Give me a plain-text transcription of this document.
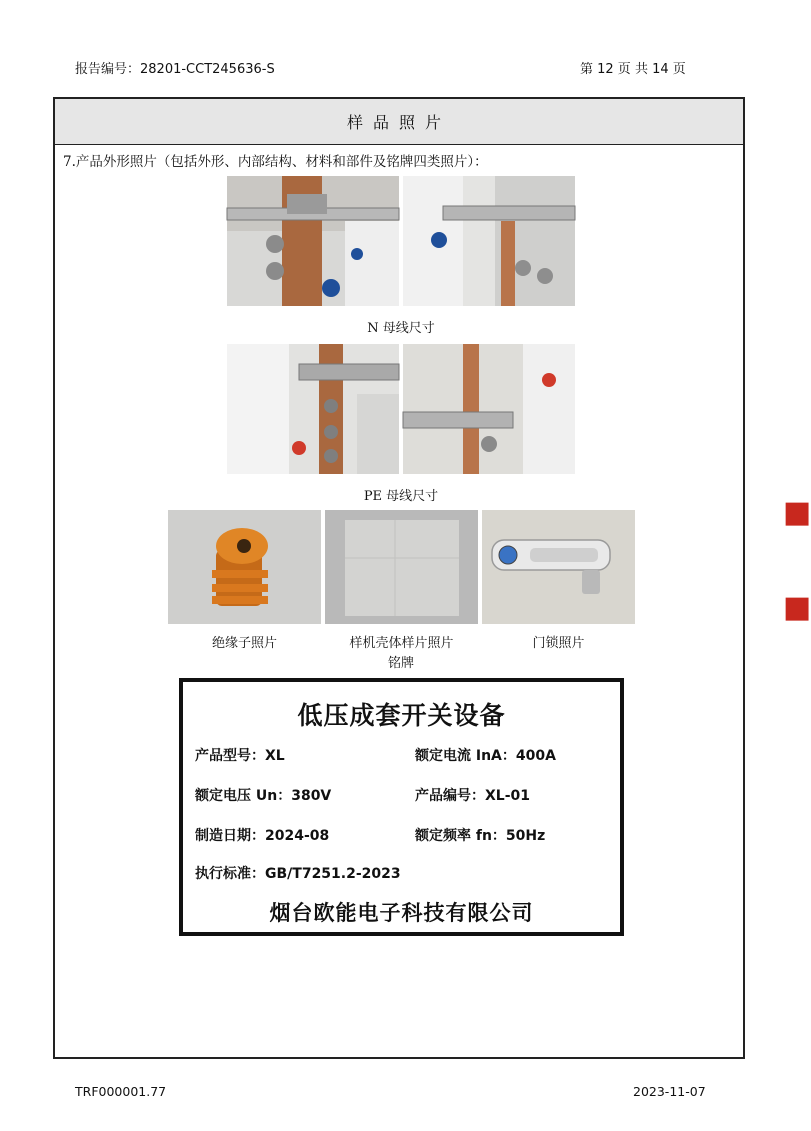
报告编号：28201-CCT245636-S	第 12 页 共 14 页
样品照片
7.产品外形照片（包括外形、内部结构、材料和部件及铭牌四类照片）：
N 母线尺寸
PE 母线尺寸
绝缘子照片	样机壳体样片照片	门锁照片
铭牌
低压成套开关设备
产品型号：XL	额定电流 InA：400A
额定电压 Un：380V	产品编号：XL-01
制造日期：2024-08	额定频率 fn：50Hz
执行标准：GB/T7251.2-2023
烟台欧能电子科技有限公司
■
■
TRF000001.77	2023-11-07
